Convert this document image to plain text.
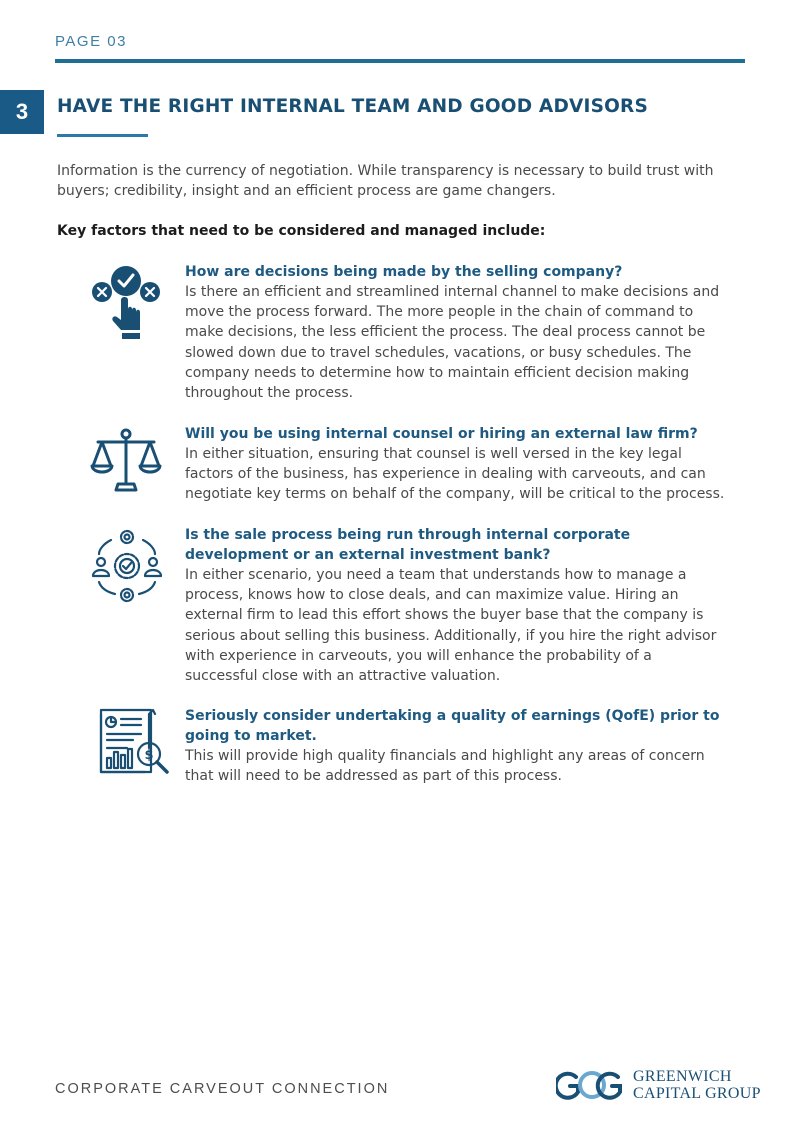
PAGE 03
3	HAVE THE RIGHT INTERNAL TEAM AND GOOD ADVISORS
Information is the currency of negotiation. While transparency is necessary to build trust with buyers; credibility, insight and an efficient process are game changers.
Key factors that need to be considered and managed include:
How are decisions being made by the selling company?
Is there an efficient and streamlined internal channel to make decisions and move the process forward. The more people in the chain of command to make decisions, the less efficient the process. The deal process cannot be slowed down due to travel schedules, vacations, or busy schedules. The company needs to determine how to maintain efficient decision making throughout the process.
Will you be using internal counsel or hiring an external law firm?
In either situation, ensuring that counsel is well versed in the key legal factors of the business, has experience in dealing with carveouts, and can negotiate key terms on behalf of the company, will be critical to the process.
Is the sale process being run through internal corporate development or an external investment bank?
In either scenario, you need a team that understands how to manage a process, knows how to close deals, and can maximize value. Hiring an external firm to lead this effort shows the buyer base that the company is serious about selling this business. Additionally, if you hire the right advisor with experience in carveouts, you will enhance the probability of a successful close with an attractive valuation.
$
Seriously consider undertaking a quality of earnings (QofE) prior to going to market.
This will provide high quality financials and highlight any areas of concern that will need to be addressed as part of this process.
CORPORATE CARVEOUT CONNECTION
GREENWICH
CAPITAL GROUP
